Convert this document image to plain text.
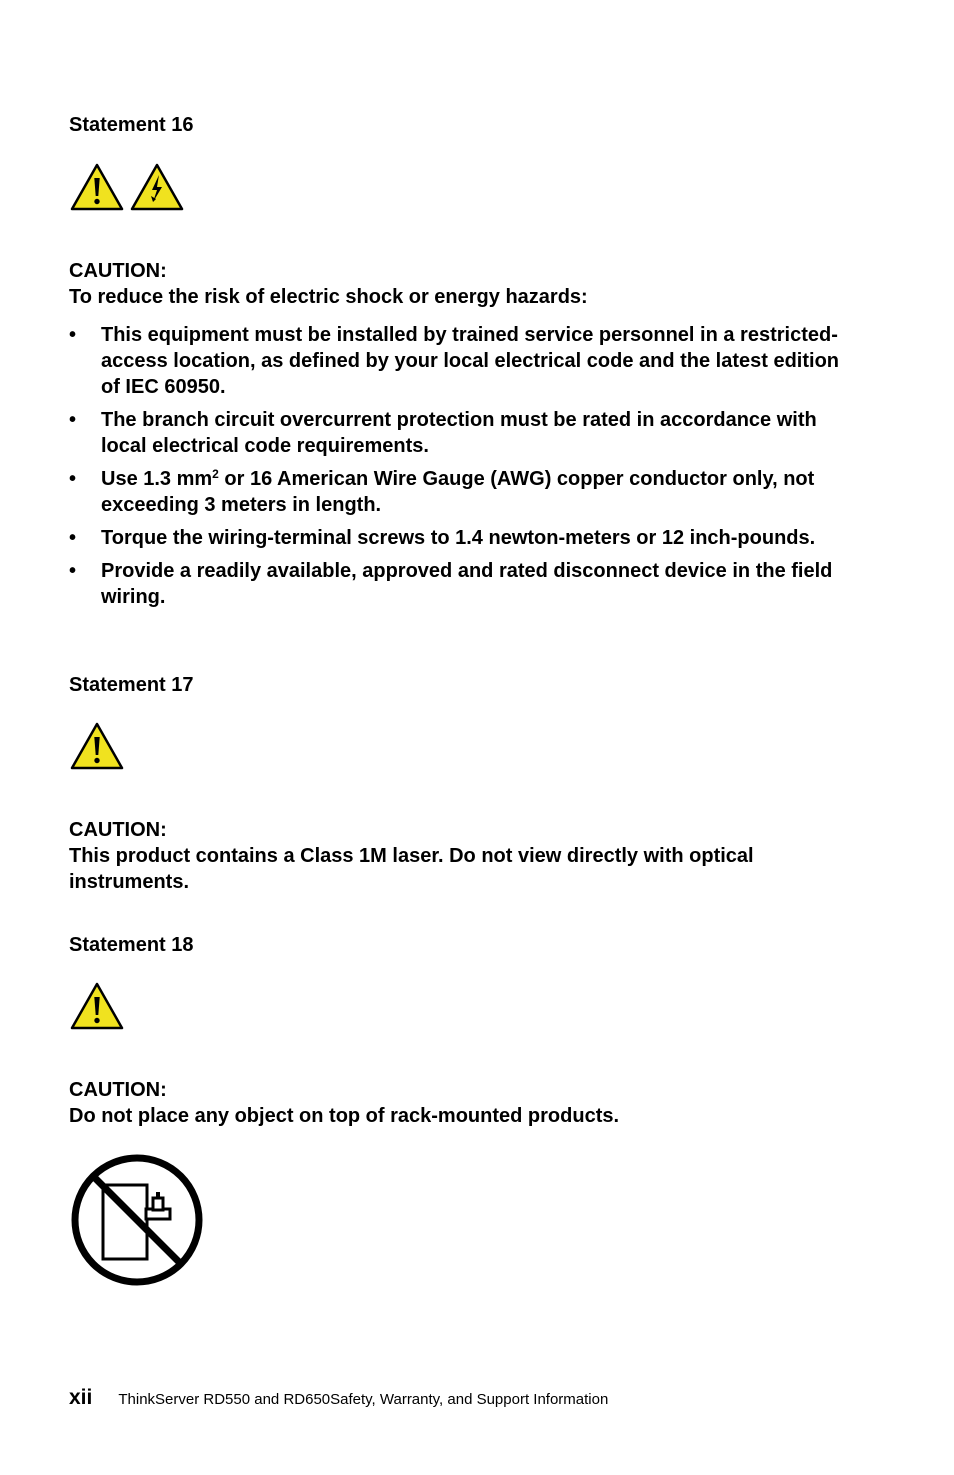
Statement 16
CAUTION:
To reduce the risk of electric shock or energy hazards:
• This equipment must be installed by trained service personnel in a restricted-access location, as defined by your local electrical code and the latest edition of IEC 60950.
• The branch circuit overcurrent protection must be rated in accordance with local electrical code requirements.
• Use 1.3 $mm^2$ or 16 American Wire Gauge (AWG) copper conductor only, not exceeding 3 meters in length.
• Torque the wiring-terminal screws to 1.4 newton-meters or 12 inch-pounds.
• Provide a readily available, approved and rated disconnect device in the field wiring.
Statement 17
CAUTION:
This product contains a Class 1M laser. Do not view directly with optical instruments.
Statement 18
CAUTION:
Do not place any object on top of rack-mounted products.
xii ThinkServer RD550 and RD650Safety, Warranty, and Support Information
